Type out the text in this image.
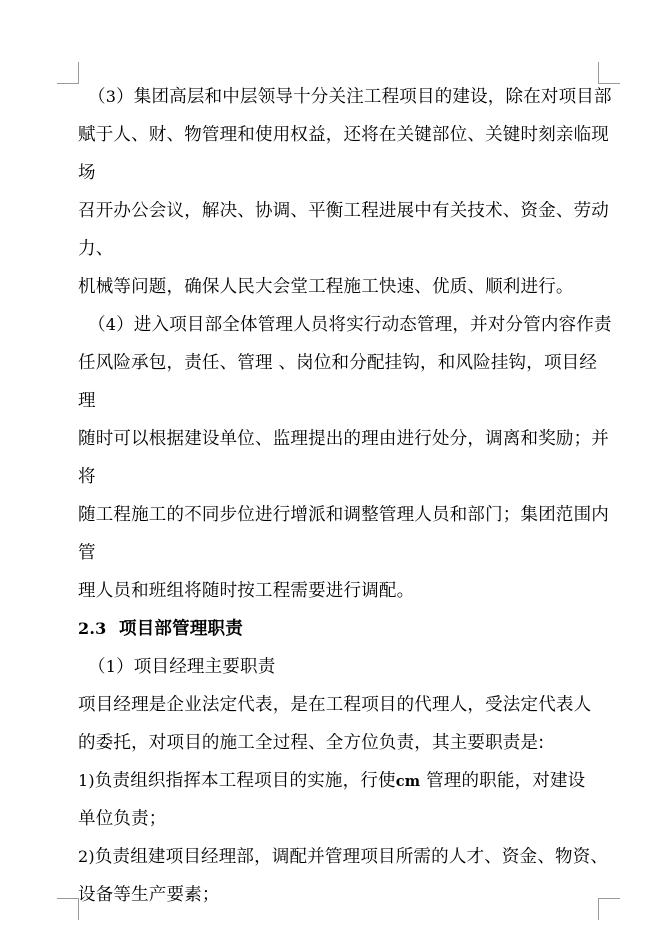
（3）集团高层和中层领导十分关注工程项目的建设，除在对项目部
赋于人、财、物管理和使用权益，还将在关键部位、关键时刻亲临现
场
召开办公会议，解决、协调、平衡工程进展中有关技术、资金、劳动
力、
机械等问题，确保人民大会堂工程施工快速、优质、顺利进行。
（4）进入项目部全体管理人员将实行动态管理，并对分管内容作责
任风险承包，责任、管理 、岗位和分配挂钩，和风险挂钩，项目经
理
随时可以根据建设单位、监理提出的理由进行处分，调离和奖励；并
将
随工程施工的不同步位进行增派和调整管理人员和部门；集团范围内
管
理人员和班组将随时按工程需要进行调配。
2.3  项目部管理职责
（1）项目经理主要职责
项目经理是企业法定代表，是在工程项目的代理人，受法定代表人
的委托，对项目的施工全过程、全方位负责，其主要职责是:
1)负责组织指挥本工程项目的实施，行使cm 管理的职能，对建设
单位负责；
2)负责组建项目经理部，调配并管理项目所需的人才、资金、物资、
设备等生产要素；
